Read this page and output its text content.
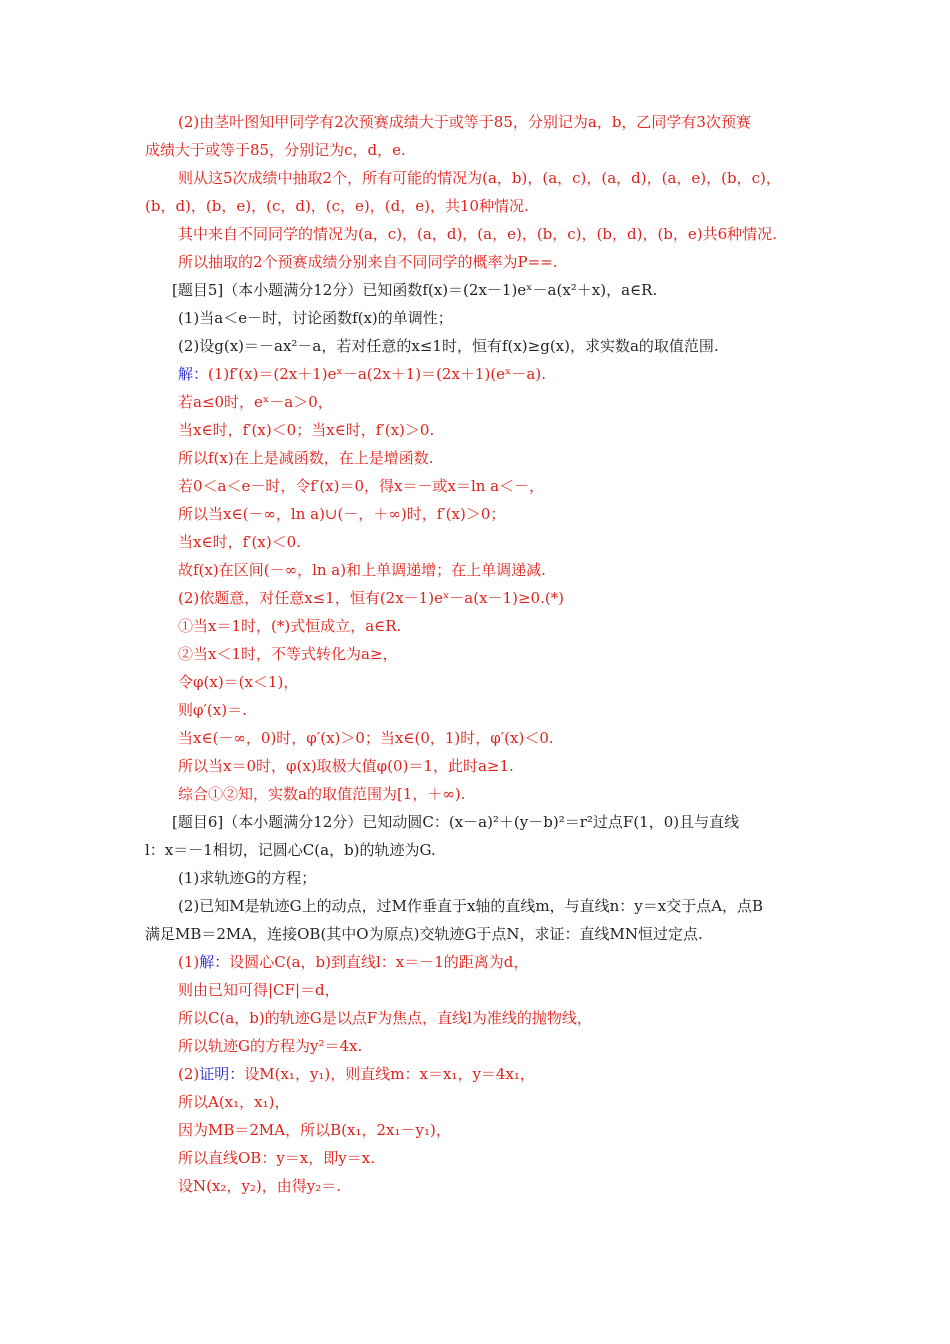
(2)由茎叶图知甲同学有2次预赛成绩大于或等于85，分别记为a，b，乙同学有3次预赛
成绩大于或等于85，分别记为c，d，e.
则从这5次成绩中抽取2个，所有可能的情况为(a，b)，(a，c)，(a，d)，(a，e)，(b，c)，
(b，d)，(b，e)，(c，d)，(c，e)，(d，e)，共10种情况.
其中来自不同同学的情况为(a，c)，(a，d)，(a，e)，(b，c)，(b，d)，(b，e)共6种情况.
所以抽取的2个预赛成绩分别来自不同同学的概率为P==.
[题目5]（本小题满分12分）已知函数f(x)＝(2x－1)eˣ－a(x²＋x)，a∈R.
(1)当a＜e－时，讨论函数f(x)的单调性；
(2)设g(x)＝－ax²－a，若对任意的x≤1时，恒有f(x)≥g(x)，求实数a的取值范围.
解：(1)f′(x)＝(2x＋1)eˣ－a(2x＋1)＝(2x＋1)(eˣ－a).
若a≤0时，eˣ－a＞0，
当x∈时，f′(x)＜0；当x∈时，f′(x)＞0.
所以f(x)在上是减函数，在上是增函数.
若0＜a＜e－时，令f′(x)＝0，得x＝－或x＝ln a＜－，
所以当x∈(－∞，ln a)∪(－，＋∞)时，f′(x)＞0；
当x∈时，f′(x)＜0.
故f(x)在区间(－∞，ln a)和上单调递增；在上单调递减.
(2)依题意，对任意x≤1，恒有(2x－1)eˣ－a(x－1)≥0.(*)
①当x＝1时，(*)式恒成立，a∈R.
②当x＜1时，不等式转化为a≥，
令φ(x)＝(x＜1)，
则φ′(x)＝.
当x∈(－∞，0)时，φ′(x)＞0；当x∈(0，1)时，φ′(x)＜0.
所以当x＝0时，φ(x)取极大值φ(0)＝1，此时a≥1.
综合①②知，实数a的取值范围为[1，＋∞).
[题目6]（本小题满分12分）已知动圆C：(x－a)²＋(y－b)²＝r²过点F(1，0)且与直线
l：x＝－1相切，记圆心C(a，b)的轨迹为G.
(1)求轨迹G的方程；
(2)已知M是轨迹G上的动点，过M作垂直于x轴的直线m，与直线n：y＝x交于点A，点B
满足MB＝2MA，连接OB(其中O为原点)交轨迹G于点N，求证：直线MN恒过定点.
(1)解：设圆心C(a，b)到直线l：x＝－1的距离为d，
则由已知可得|CF|＝d，
所以C(a，b)的轨迹G是以点F为焦点，直线l为准线的抛物线，
所以轨迹G的方程为y²＝4x.
(2)证明：设M(x₁，y₁)，则直线m：x＝x₁，y＝4x₁，
所以A(x₁，x₁)，
因为MB＝2MA，所以B(x₁，2x₁－y₁)，
所以直线OB：y＝x，即y＝x.
设N(x₂，y₂)，由得y₂＝.
